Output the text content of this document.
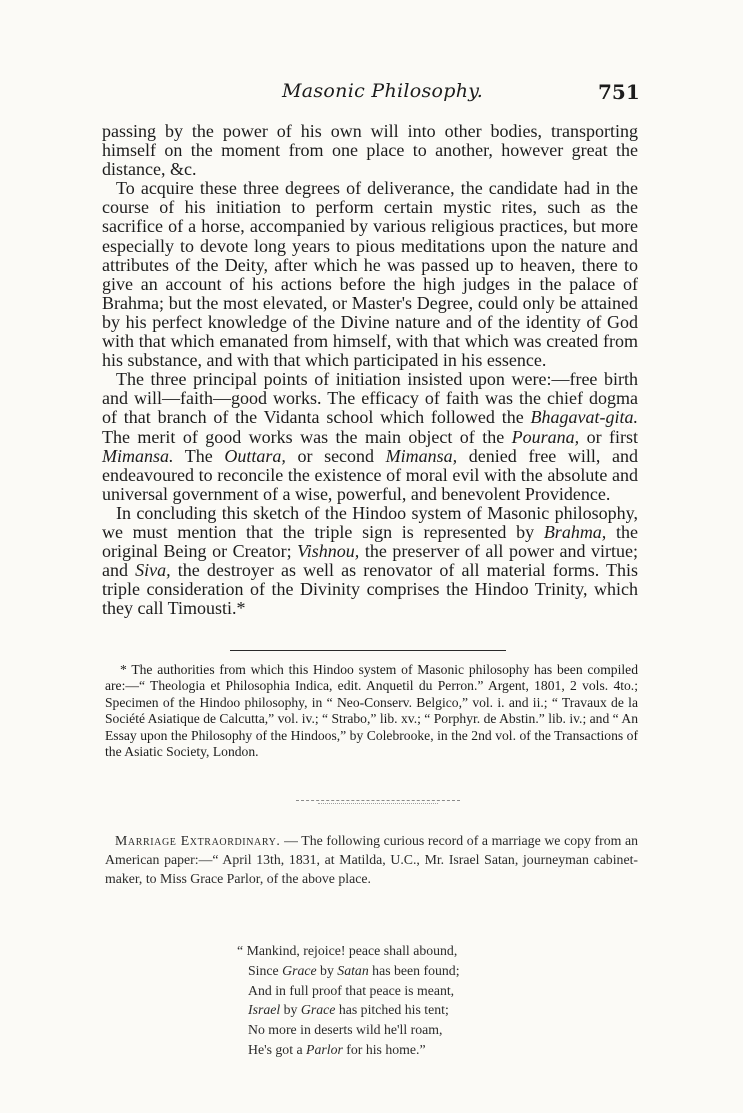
Masonic Philosophy.	751

passing by the power of his own will into other bodies, transporting himself on the moment from one place to another, however great the distance, &c.

To acquire these three degrees of deliverance, the candidate had in the course of his initiation to perform certain mystic rites, such as the sacrifice of a horse, accompanied by various religious practices, but more especially to devote long years to pious meditations upon the nature and attributes of the Deity, after which he was passed up to heaven, there to give an account of his actions before the high judges in the palace of Brahma; but the most elevated, or Master's Degree, could only be attained by his perfect knowledge of the Divine nature and of the identity of God with that which emanated from himself, with that which was created from his substance, and with that which participated in his essence.

The three principal points of initiation insisted upon were:—free birth and will—faith—good works. The efficacy of faith was the chief dogma of that branch of the Vidanta school which followed the Bhagavat-gita. The merit of good works was the main object of the Pourana, or first Mimansa. The Outtara, or second Mimansa, denied free will, and endeavoured to reconcile the existence of moral evil with the absolute and universal government of a wise, powerful, and benevolent Providence.

In concluding this sketch of the Hindoo system of Masonic philosophy, we must mention that the triple sign is represented by Brahma, the original Being or Creator; Vishnou, the preserver of all power and virtue; and Siva, the destroyer as well as renovator of all material forms. This triple consideration of the Divinity comprises the Hindoo Trinity, which they call Timousti.*

* The authorities from which this Hindoo system of Masonic philosophy has been compiled are:—“ Theologia et Philosophia Indica, edit. Anquetil du Perron.” Argent, 1801, 2 vols. 4to.; Specimen of the Hindoo philosophy, in “ Neo-Conserv. Belgico,” vol. i. and ii.; “ Travaux de la Société Asiatique de Calcutta,” vol. iv.; “ Strabo,” lib. xv.; “ Porphyr. de Abstin.” lib. iv.; and “ An Essay upon the Philosophy of the Hindoos,” by Colebrooke, in the 2nd vol. of the Transactions of the Asiatic Society, London.

Marriage Extraordinary. — The following curious record of a marriage we copy from an American paper:—“ April 13th, 1831, at Matilda, U.C., Mr. Israel Satan, journeyman cabinet-maker, to Miss Grace Parlor, of the above place.

“ Mankind, rejoice! peace shall abound,
Since Grace by Satan has been found;
And in full proof that peace is meant,
Israel by Grace has pitched his tent;
No more in deserts wild he'll roam,
He's got a Parlor for his home.”
